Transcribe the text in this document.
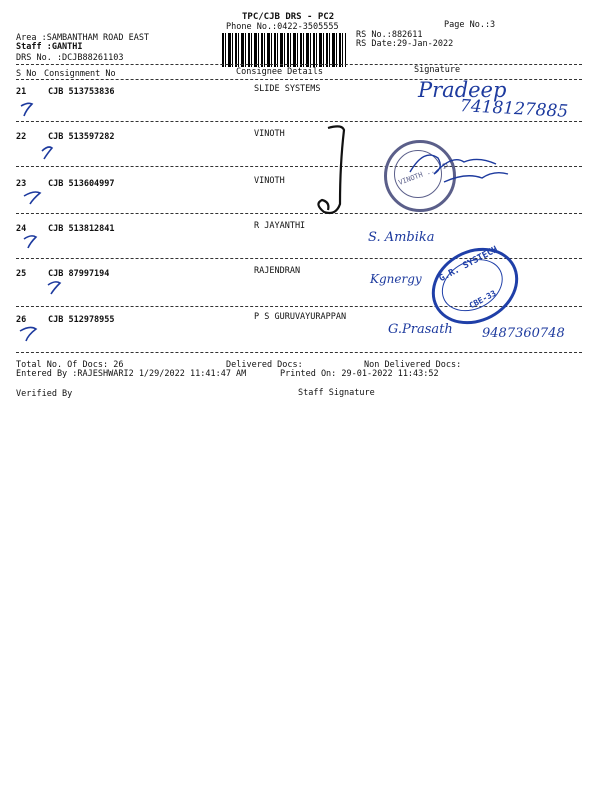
TPC/CJB DRS - PC2
Phone No.:0422-3505555	Page No.:3
Area :SAMBANTHAM ROAD EAST
Staff :GANTHI
DRS No. :DCJB88261103
RS No.:882611
RS Date:29-Jan-2022
S No Consignment No	Consignee Details	Signature
21	CJB 513753836	SLIDE SYSTEMS
22	CJB 513597282	VINOTH
23	CJB 513604997	VINOTH
24	CJB 513812841	R JAYANTHI
25	CJB 87997194	RAJENDRAN
26	CJB 512978955	P S GURUVAYURAPPAN
Total No. Of Docs: 26	Delivered Docs:	Non Delivered Docs:
Entered By :RAJESHWARI2 1/29/2022 11:41:47 AM	Printed On: 29-01-2022 11:43:52
Verified By	Staff Signature
Pradeep
7418127885
VINOTH ... ICS
S. Ambika
Kgnergy G.R. SYSTECH
CBE-33
G.Prasath 9487360748
